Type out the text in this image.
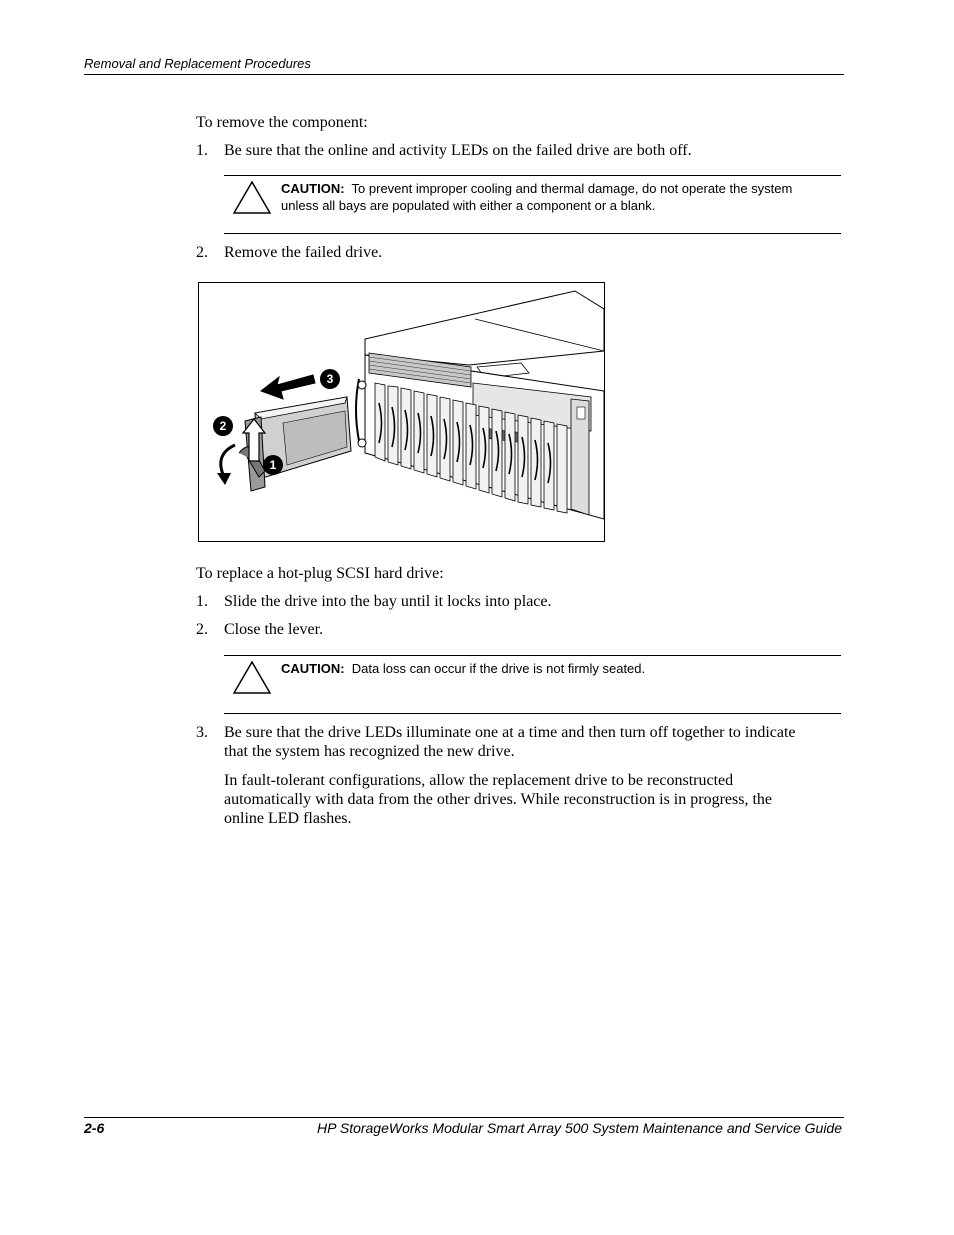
Removal and Replacement Procedures
To remove the component:
1. Be sure that the online and activity LEDs on the failed drive are both off.
CAUTION: To prevent improper cooling and thermal damage, do not operate the system
unless all bays are populated with either a component or a blank.
2. Remove the failed drive.
1
2
3
To replace a hot-plug SCSI hard drive:
1. Slide the drive into the bay until it locks into place.
2. Close the lever.
CAUTION: Data loss can occur if the drive is not firmly seated.
3. Be sure that the drive LEDs illuminate one at a time and then turn off together to indicate
that the system has recognized the new drive.
In fault-tolerant configurations, allow the replacement drive to be reconstructed
automatically with data from the other drives. While reconstruction is in progress, the
online LED flashes.
2-6	HP StorageWorks Modular Smart Array 500 System Maintenance and Service Guide
